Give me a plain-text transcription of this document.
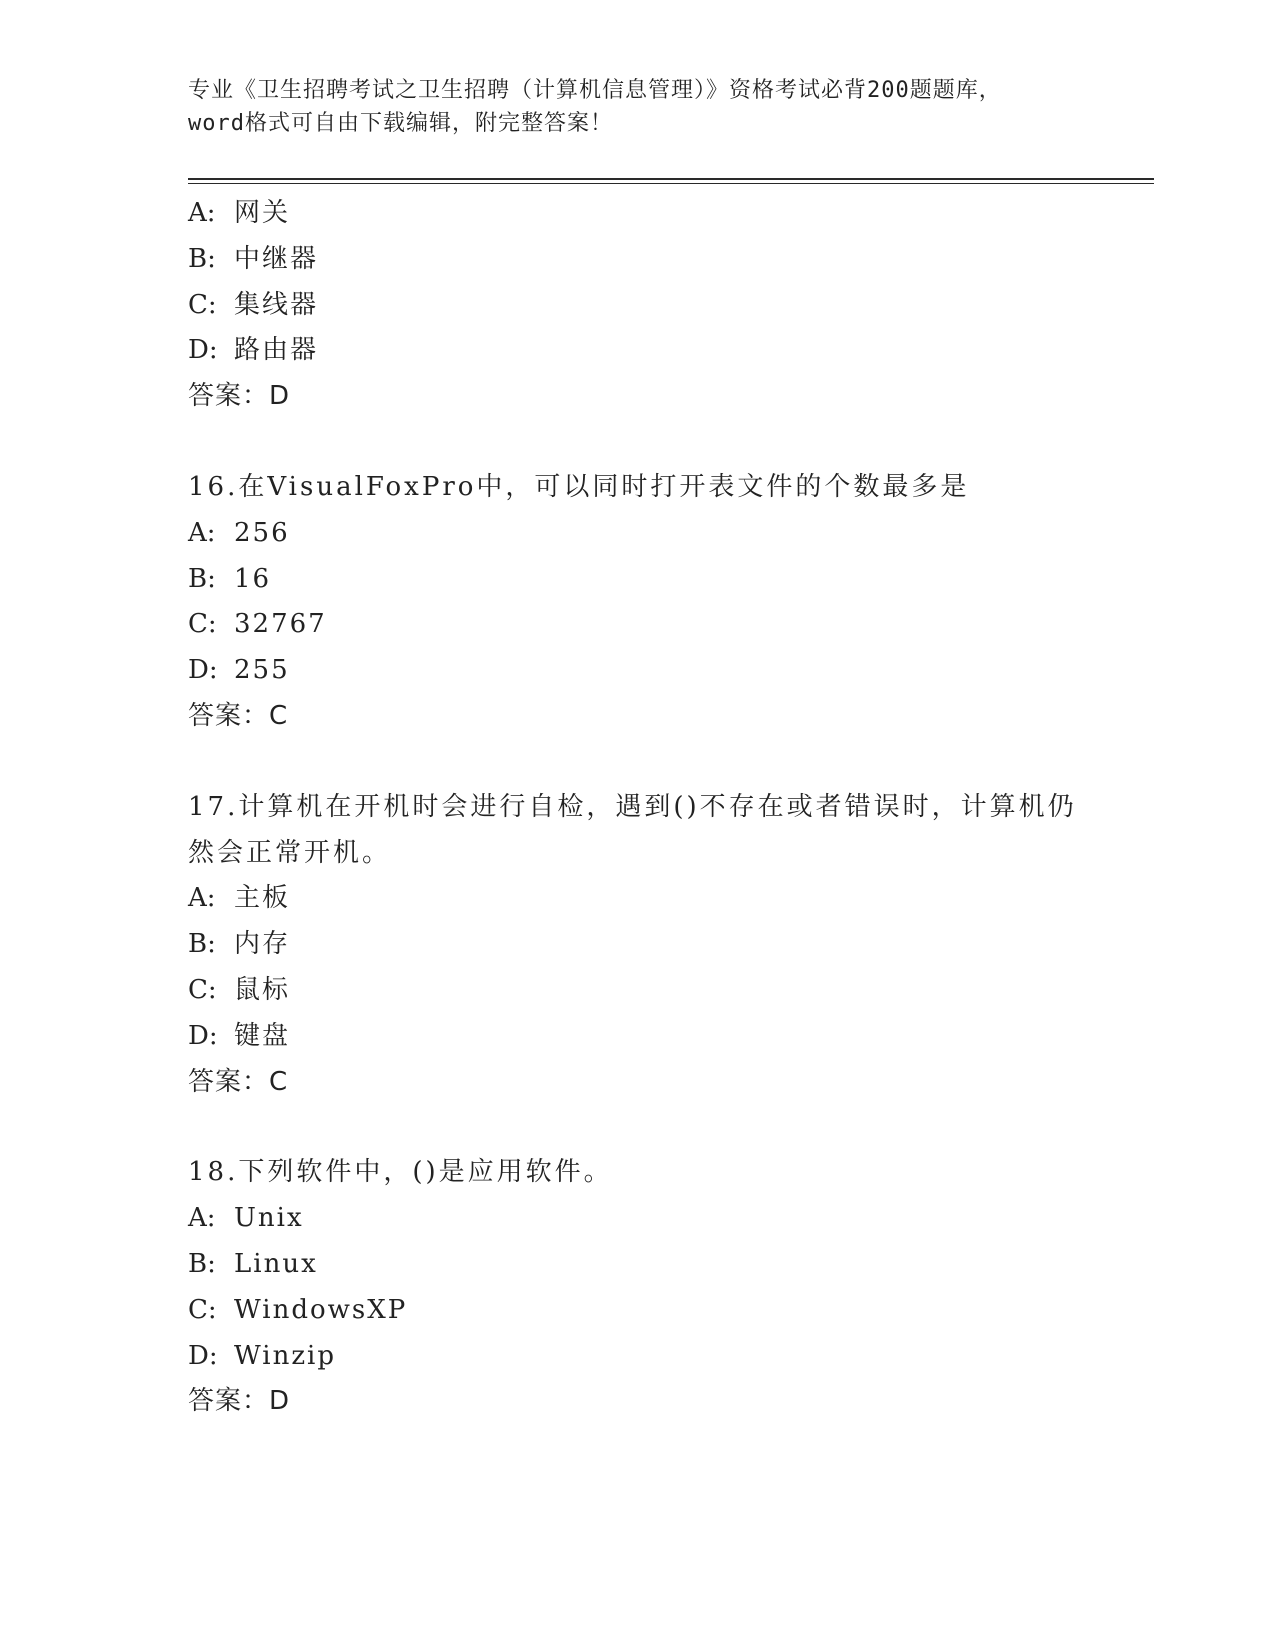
专业《卫生招聘考试之卫生招聘（计算机信息管理）》资格考试必背200题题库，
word格式可自由下载编辑，附完整答案！
A: 网关
B: 中继器
C: 集线器
D: 路由器
答案：D
16.在VisualFoxPro中，可以同时打开表文件的个数最多是
A: 256
B: 16
C: 32767
D: 255
答案：C
17.计算机在开机时会进行自检，遇到()不存在或者错误时，计算机仍
然会正常开机。
A: 主板
B: 内存
C: 鼠标
D: 键盘
答案：C
18.下列软件中，()是应用软件。
A: Unix
B: Linux
C: WindowsXP
D: Winzip
答案：D
